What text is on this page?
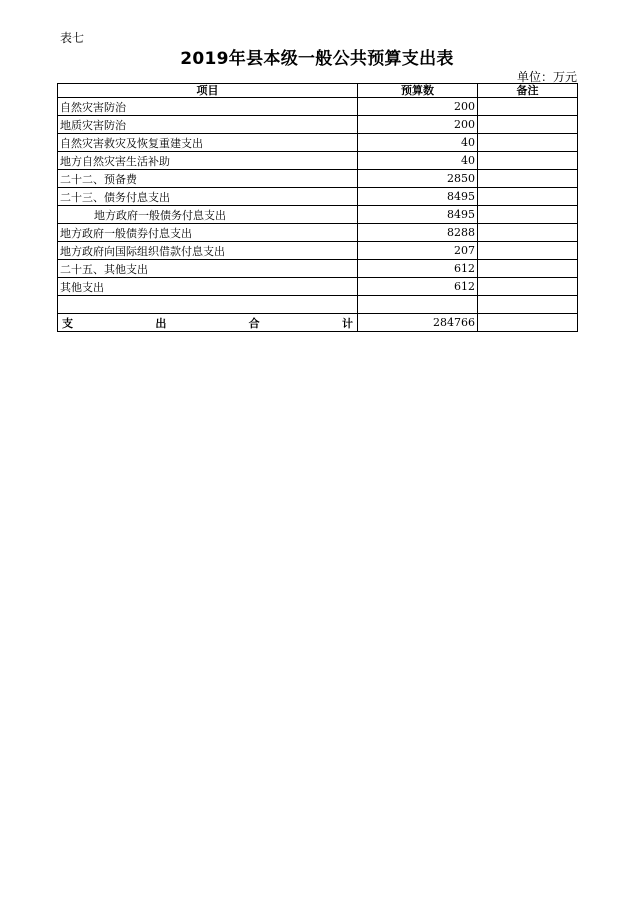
表七
2019年县本级一般公共预算支出表
单位：万元
项目	预算数	备注
自然灾害防治	200	
地质灾害防治	200	
自然灾害救灾及恢复重建支出	40	
地方自然灾害生活补助	40	
二十二、预备费	2850	
二十三、债务付息支出	8495	
地方政府一般债务付息支出	8495	
地方政府一般债券付息支出	8288	
地方政府向国际组织借款付息支出	207	
二十五、其他支出	612	
其他支出	612	

支 出 合 计	284766	
